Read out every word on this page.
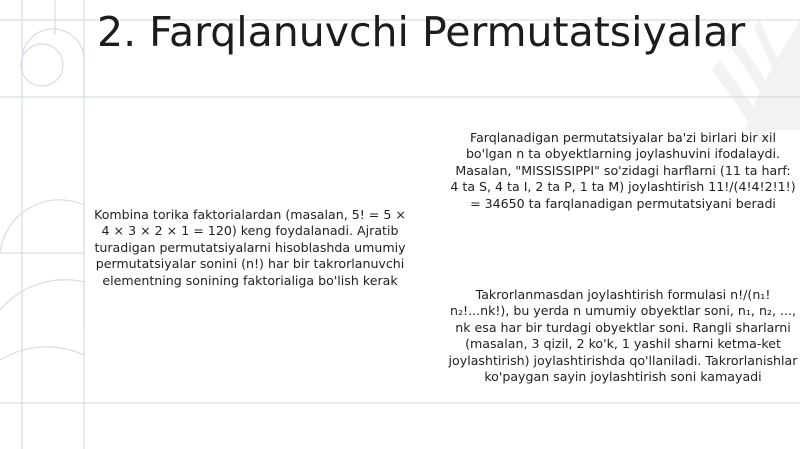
2. Farqlanuvchi Permutatsiyalar

Farqlanadigan permutatsiyalar ba'zi birlari bir xil bo'lgan n ta obyektlarning joylashuvini ifodalaydi. Masalan, "MISSISSIPPI" so'zidagi harflarni (11 ta harf: 4 ta S, 4 ta I, 2 ta P, 1 ta M) joylashtirish 11!/(4!4!2!1!) = 34650 ta farqlanadigan permutatsiyani beradi

Kombina torika faktorialardan (masalan, 5! = 5 × 4 × 3 × 2 × 1 = 120) keng foydalanadi. Ajratib turadigan permutatsiyalarni hisoblashda umumiy permutatsiyalar sonini (n!) har bir takrorlanuvchi elementning sonining faktorialiga bo'lish kerak

Takrorlanmasdan joylashtirish formulasi n!/(n₁! n₂!...nk!), bu yerda n umumiy obyektlar soni, n₁, n₂, ..., nk esa har bir turdagi obyektlar soni. Rangli sharlarni (masalan, 3 qizil, 2 ko'k, 1 yashil sharni ketma-ket joylashtirish) joylashtirishda qo'llaniladi. Takrorlanishlar ko'paygan sayin joylashtirish soni kamayadi
